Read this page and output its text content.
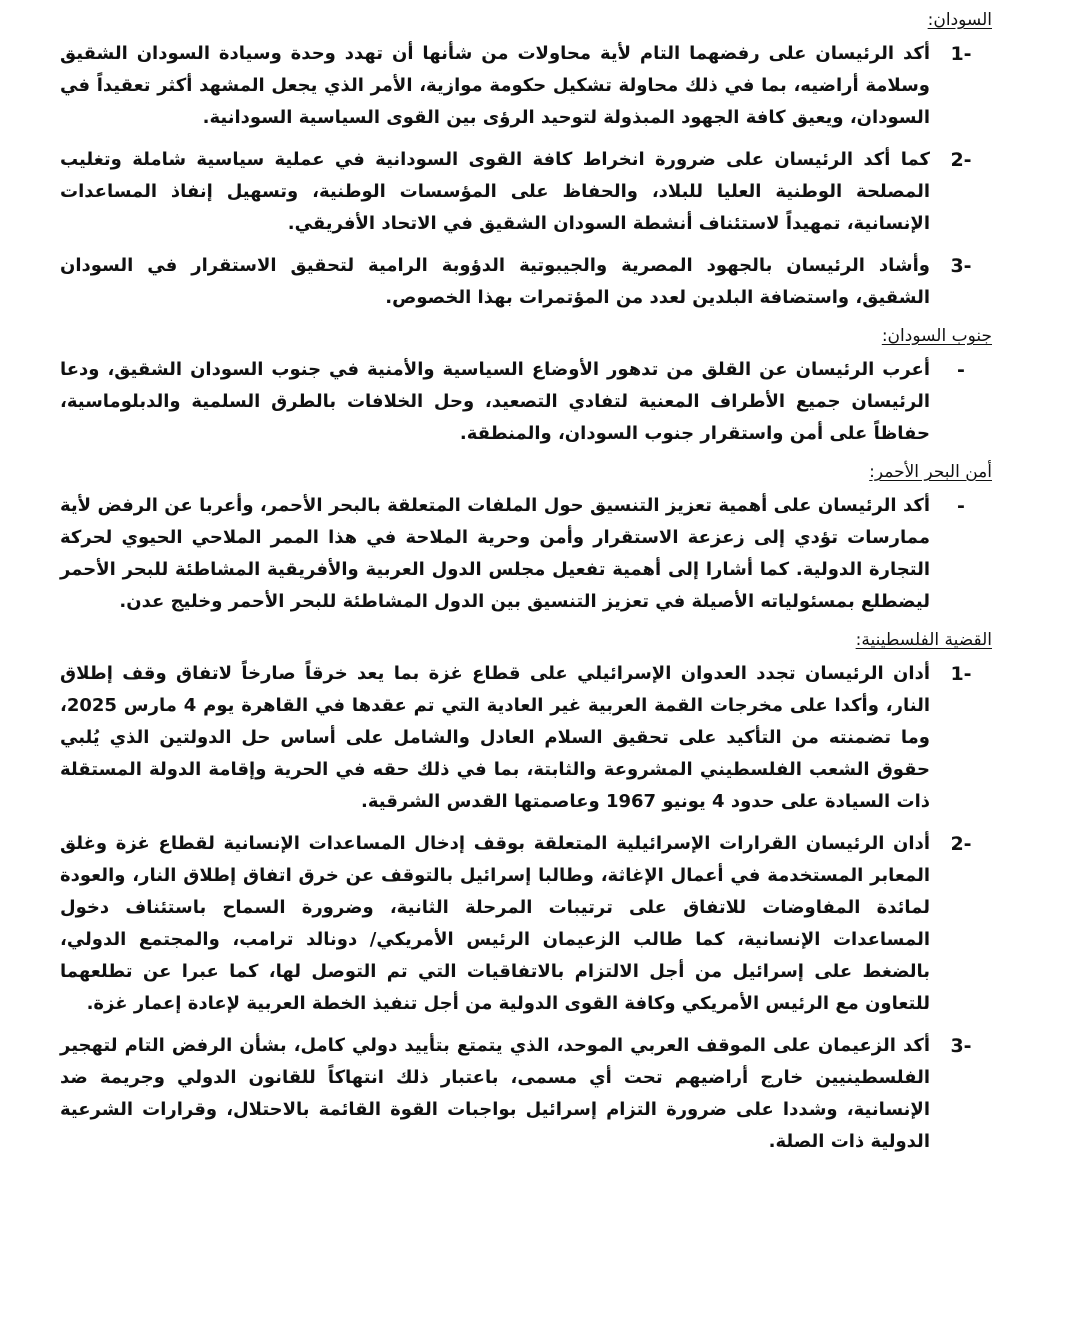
السودان:
1-
أكد الرئيسان على رفضهما التام لأية محاولات من شأنها أن تهدد وحدة وسيادة السودان الشقيق وسلامة أراضيه، بما في ذلك محاولة تشكيل حكومة موازية، الأمر الذي يجعل المشهد أكثر تعقيداً في السودان، ويعيق كافة الجهود المبذولة لتوحيد الرؤى بين القوى السياسية السودانية.
2-
كما أكد الرئيسان على ضرورة انخراط كافة القوى السودانية في عملية سياسية شاملة وتغليب المصلحة الوطنية العليا للبلاد، والحفاظ على المؤسسات الوطنية، وتسهيل إنفاذ المساعدات الإنسانية، تمهيداً لاستئناف أنشطة السودان الشقيق في الاتحاد الأفريقي.
3-
وأشاد الرئيسان بالجهود المصرية والجيبوتية الدؤوبة الرامية لتحقيق الاستقرار في السودان الشقيق، واستضافة البلدين لعدد من المؤتمرات بهذا الخصوص.
جنوب السودان:
-
أعرب الرئيسان عن القلق من تدهور الأوضاع السياسية والأمنية في جنوب السودان الشقيق، ودعا الرئيسان جميع الأطراف المعنية لتفادي التصعيد، وحل الخلافات بالطرق السلمية والدبلوماسية، حفاظاً على أمن واستقرار جنوب السودان، والمنطقة.
أمن البحر الأحمر:
-
أكد الرئيسان على أهمية تعزيز التنسيق حول الملفات المتعلقة بالبحر الأحمر، وأعربا عن الرفض لأية ممارسات تؤدي إلى زعزعة الاستقرار وأمن وحرية الملاحة في هذا الممر الملاحي الحيوي لحركة التجارة الدولية. كما أشارا إلى أهمية تفعيل مجلس الدول العربية والأفريقية المشاطئة للبحر الأحمر ليضطلع بمسئولياته الأصيلة في تعزيز التنسيق بين الدول المشاطئة للبحر الأحمر وخليج عدن.
القضية الفلسطينية:
1-
أدان الرئيسان تجدد العدوان الإسرائيلي على قطاع غزة بما يعد خرقاً صارخاً لاتفاق وقف إطلاق النار، وأكدا على مخرجات القمة العربية غير العادية التي تم عقدها في القاهرة يوم 4 مارس 2025، وما تضمنته من التأكيد على تحقيق السلام العادل والشامل على أساس حل الدولتين الذي يُلبي حقوق الشعب الفلسطيني المشروعة والثابتة، بما في ذلك حقه في الحرية وإقامة الدولة المستقلة ذات السيادة على حدود 4 يونيو 1967 وعاصمتها القدس الشرقية.
2-
أدان الرئيسان القرارات الإسرائيلية المتعلقة بوقف إدخال المساعدات الإنسانية لقطاع غزة وغلق المعابر المستخدمة في أعمال الإغاثة، وطالبا إسرائيل بالتوقف عن خرق اتفاق إطلاق النار، والعودة لمائدة المفاوضات للاتفاق على ترتيبات المرحلة الثانية، وضرورة السماح باستئناف دخول المساعدات الإنسانية، كما طالب الزعيمان الرئيس الأمريكي/ دونالد ترامب، والمجتمع الدولي، بالضغط على إسرائيل من أجل الالتزام بالاتفاقيات التي تم التوصل لها، كما عبرا عن تطلعهما للتعاون مع الرئيس الأمريكي وكافة القوى الدولية من أجل تنفيذ الخطة العربية لإعادة إعمار غزة.
3-
أكد الزعيمان على الموقف العربي الموحد، الذي يتمتع بتأييد دولي كامل، بشأن الرفض التام لتهجير الفلسطينيين خارج أراضيهم تحت أي مسمى، باعتبار ذلك انتهاكاً للقانون الدولي وجريمة ضد الإنسانية، وشددا على ضرورة التزام إسرائيل بواجبات القوة القائمة بالاحتلال، وقرارات الشرعية الدولية ذات الصلة.
